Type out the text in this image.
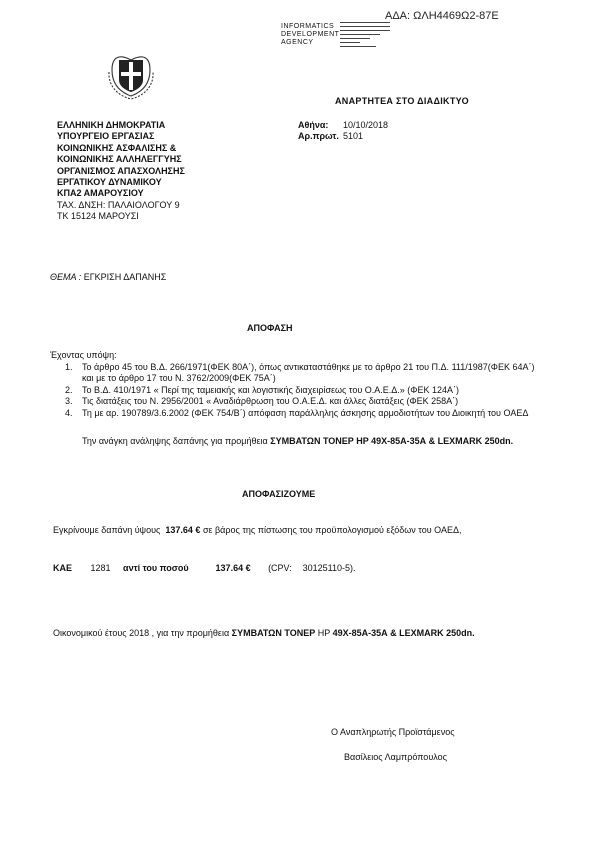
ΑΔΑ: ΩΛΗ4469Ω2-87Ε
INFORMATICS
DEVELOPMENT
AGENCY
ΑΝΑΡΤΗΤΕΑ ΣΤΟ ΔΙΑΔΙΚΤΥΟ
ΕΛΛΗΝΙΚΗ ΔΗΜΟΚΡΑΤΙΑ
ΥΠΟΥΡΓΕΙΟ ΕΡΓΑΣΙΑΣ
ΚΟΙΝΩΝΙΚΗΣ ΑΣΦΑΛΙΣΗΣ &
ΚΟΙΝΩΝΙΚΗΣ ΑΛΛΗΛΕΓΓΥΗΣ
ΟΡΓΑΝΙΣΜΟΣ ΑΠΑΣΧΟΛΗΣΗΣ
ΕΡΓΑΤΙΚΟΥ ΔΥΝΑΜΙΚΟΥ
ΚΠΑ2 ΑΜΑΡΟΥΣΙΟΥ
ΤΑΧ. ΔΝΣΗ: ΠΑΛΑΙΟΛΟΓΟΥ 9
ΤΚ 15124 ΜΑΡΟΥΣΙ
Αθήνα: 10/10/2018
Αρ.πρωτ. 5101
ΘΕΜΑ : ΕΓΚΡΙΣΗ ΔΑΠΑΝΗΣ
ΑΠΟΦΑΣΗ
Έχοντας υπόψη:
1.	Το άρθρο 45 του Β.Δ. 266/1971(ΦΕΚ 80Α΄), όπως αντικαταστάθηκε με το άρθρο 21 του Π.Δ. 111/1987(ΦΕΚ 64Α΄) και με το άρθρο 17 του Ν. 3762/2009(ΦΕΚ 75Α΄)
2.	Το Β.Δ. 410/1971 « Περί της ταμειακής και λογιστικής διαχειρίσεως του Ο.Α.Ε.Δ.» (ΦΕΚ 124Α΄)
3.	Τις διατάξεις του Ν. 2956/2001 « Αναδιάρθρωση του Ο.Α.Ε.Δ. και άλλες διατάξεις (ΦΕΚ 258Α΄)
4.	Τη με αρ. 190789/3.6.2002 (ΦΕΚ 754/Β΄) απόφαση παράλληλης άσκησης αρμοδιοτήτων του Διοικητή του ΟΑΕΔ
Την ανάγκη ανάληψης δαπάνης για προμήθεια ΣΥΜΒΑΤΩΝ ΤΟΝΕΡ HP 49Χ-85Α-35Α & LEXMARK 250dn.
ΑΠΟΦΑΣΙΖΟΥΜΕ
Εγκρίνουμε δαπάνη ύψους 137.64 € σε βάρος της πίστωσης του προϋπολογισμού εξόδων του ΟΑΕΔ,
ΚΑΕ 1281 αντί του ποσού	137.64 € (CPV: 30125110-5).
Οικονομικού έτους 2018 , για την προμήθεια ΣΥΜΒΑΤΩΝ ΤΟΝΕΡ HP 49Χ-85Α-35Α & LEXMARK 250dn.
Ο Αναπληρωτής Προϊστάμενος
Βασίλειος Λαμπρόπουλος
